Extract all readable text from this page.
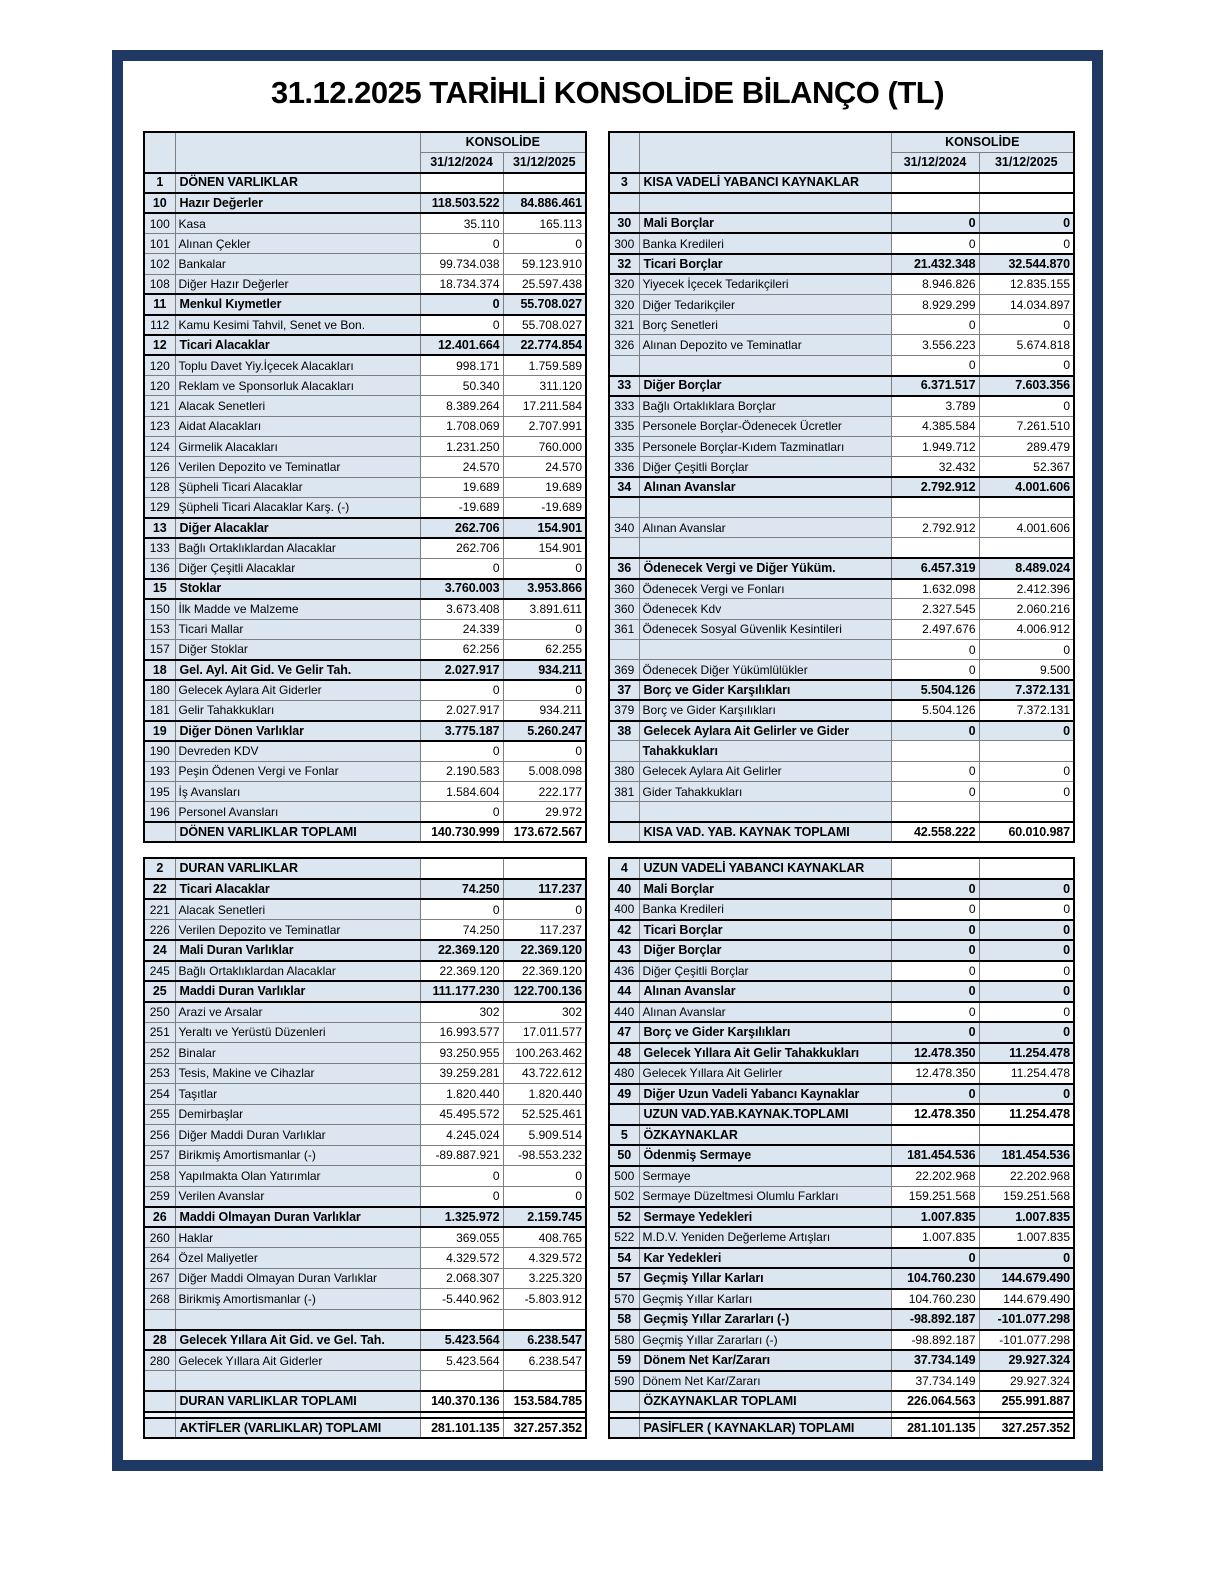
31.12.2025 TARİHLİ KONSOLİDE BİLANÇO (TL)
		KONSOLİDE	
		31/12/2024	31/12/2025
1	DÖNEN VARLIKLAR		
10	Hazır Değerler	118.503.522	84.886.461
100	Kasa	35.110	165.113
101	Alınan Çekler	0	0
102	Bankalar	99.734.038	59.123.910
108	Diğer Hazır Değerler	18.734.374	25.597.438
11	Menkul Kıymetler	0	55.708.027
112	Kamu Kesimi Tahvil, Senet ve Bon.	0	55.708.027
12	Ticari Alacaklar	12.401.664	22.774.854
120	Toplu Davet Yiy.İçecek Alacakları	998.171	1.759.589
120	Reklam ve Sponsorluk Alacakları	50.340	311.120
121	Alacak Senetleri	8.389.264	17.211.584
123	Aidat Alacakları	1.708.069	2.707.991
124	Girmelik Alacakları	1.231.250	760.000
126	Verilen Depozito ve Teminatlar	24.570	24.570
128	Şüpheli Ticari Alacaklar	19.689	19.689
129	Şüpheli Ticari Alacaklar Karş. (-)	-19.689	-19.689
13	Diğer Alacaklar	262.706	154.901
133	Bağlı Ortaklıklardan Alacaklar	262.706	154.901
136	Diğer Çeşitli Alacaklar	0	0
15	Stoklar	3.760.003	3.953.866
150	İlk Madde ve Malzeme	3.673.408	3.891.611
153	Ticari Mallar	24.339	0
157	Diğer Stoklar	62.256	62.255
18	Gel. Ayl. Ait Gid. Ve Gelir Tah.	2.027.917	934.211
180	Gelecek Aylara Ait Giderler	0	0
181	Gelir Tahakkukları	2.027.917	934.211
19	Diğer Dönen Varlıklar	3.775.187	5.260.247
190	Devreden KDV	0	0
193	Peşin Ödenen Vergi ve Fonlar	2.190.583	5.008.098
195	İş Avansları	1.584.604	222.177
196	Personel Avansları	0	29.972
	DÖNEN VARLIKLAR TOPLAMI	140.730.999	173.672.567
		KONSOLİDE	
		31/12/2024	31/12/2025
3	KISA VADELİ YABANCI KAYNAKLAR		

30	Mali Borçlar	0	0
300	Banka Kredileri	0	0
32	Ticari Borçlar	21.432.348	32.544.870
320	Yiyecek İçecek Tedarikçileri	8.946.826	12.835.155
320	Diğer Tedarikçiler	8.929.299	14.034.897
321	Borç Senetleri	0	0
326	Alınan Depozito ve Teminatlar	3.556.223	5.674.818
		0	0
33	Diğer Borçlar	6.371.517	7.603.356
333	Bağlı Ortaklıklara Borçlar	3.789	0
335	Personele Borçlar-Ödenecek Ücretler	4.385.584	7.261.510
335	Personele Borçlar-Kıdem Tazminatları	1.949.712	289.479
336	Diğer Çeşitli Borçlar	32.432	52.367
34	Alınan Avanslar	2.792.912	4.001.606

340	Alınan Avanslar	2.792.912	4.001.606

36	Ödenecek Vergi ve Diğer Yüküm.	6.457.319	8.489.024
360	Ödenecek Vergi ve Fonları	1.632.098	2.412.396
360	Ödenecek Kdv	2.327.545	2.060.216
361	Ödenecek Sosyal Güvenlik Kesintileri	2.497.676	4.006.912
		0	0
369	Ödenecek Diğer Yükümlülükler	0	9.500
37	Borç ve Gider Karşılıkları	5.504.126	7.372.131
379	Borç ve Gider Karşılıkları	5.504.126	7.372.131
38	Gelecek Aylara Ait Gelirler ve Gider	0	0
	Tahakkukları		
380	Gelecek Aylara Ait Gelirler	0	0
381	Gider Tahakkukları	0	0

	KISA VAD. YAB. KAYNAK TOPLAMI	42.558.222	60.010.987
2	DURAN VARLIKLAR		
22	Ticari Alacaklar	74.250	117.237
221	Alacak Senetleri	0	0
226	Verilen Depozito ve Teminatlar	74.250	117.237
24	Mali Duran Varlıklar	22.369.120	22.369.120
245	Bağlı Ortaklıklardan Alacaklar	22.369.120	22.369.120
25	Maddi Duran Varlıklar	111.177.230	122.700.136
250	Arazi ve Arsalar	302	302
251	Yeraltı ve Yerüstü Düzenleri	16.993.577	17.011.577
252	Binalar	93.250.955	100.263.462
253	Tesis, Makine ve Cihazlar	39.259.281	43.722.612
254	Taşıtlar	1.820.440	1.820.440
255	Demirbaşlar	45.495.572	52.525.461
256	Diğer Maddi Duran Varlıklar	4.245.024	5.909.514
257	Birikmiş Amortismanlar (-)	-89.887.921	-98.553.232
258	Yapılmakta Olan Yatırımlar	0	0
259	Verilen Avanslar	0	0
26	Maddi Olmayan Duran Varlıklar	1.325.972	2.159.745
260	Haklar	369.055	408.765
264	Özel Maliyetler	4.329.572	4.329.572
267	Diğer Maddi Olmayan Duran Varlıklar	2.068.307	3.225.320
268	Birikmiş Amortismanlar (-)	-5.440.962	-5.803.912

28	Gelecek Yıllara Ait Gid. ve Gel. Tah.	5.423.564	6.238.547
280	Gelecek Yıllara Ait Giderler	5.423.564	6.238.547

	DURAN VARLIKLAR TOPLAMI	140.370.136	153.584.785

	AKTİFLER (VARLIKLAR) TOPLAMI	281.101.135	327.257.352
4	UZUN VADELİ YABANCI KAYNAKLAR		
40	Mali Borçlar	0	0
400	Banka Kredileri	0	0
42	Ticari Borçlar	0	0
43	Diğer Borçlar	0	0
436	Diğer Çeşitli Borçlar	0	0
44	Alınan Avanslar	0	0
440	Alınan Avanslar	0	0
47	Borç ve Gider Karşılıkları	0	0
48	Gelecek Yıllara Ait Gelir Tahakkukları	12.478.350	11.254.478
480	Gelecek Yıllara Ait Gelirler	12.478.350	11.254.478
49	Diğer Uzun Vadeli Yabancı Kaynaklar	0	0
	UZUN VAD.YAB.KAYNAK.TOPLAMI	12.478.350	11.254.478
5	ÖZKAYNAKLAR		
50	Ödenmiş Sermaye	181.454.536	181.454.536
500	Sermaye	22.202.968	22.202.968
502	Sermaye Düzeltmesi Olumlu Farkları	159.251.568	159.251.568
52	Sermaye Yedekleri	1.007.835	1.007.835
522	M.D.V. Yeniden Değerleme Artışları	1.007.835	1.007.835
54	Kar Yedekleri	0	0
57	Geçmiş Yıllar Karları	104.760.230	144.679.490
570	Geçmiş Yıllar Karları	104.760.230	144.679.490
58	Geçmiş Yıllar Zararları (-)	-98.892.187	-101.077.298
580	Geçmiş Yıllar Zararları (-)	-98.892.187	-101.077.298
59	Dönem Net Kar/Zararı	37.734.149	29.927.324
590	Dönem Net Kar/Zararı	37.734.149	29.927.324
	ÖZKAYNAKLAR TOPLAMI	226.064.563	255.991.887

	PASİFLER ( KAYNAKLAR) TOPLAMI	281.101.135	327.257.352
